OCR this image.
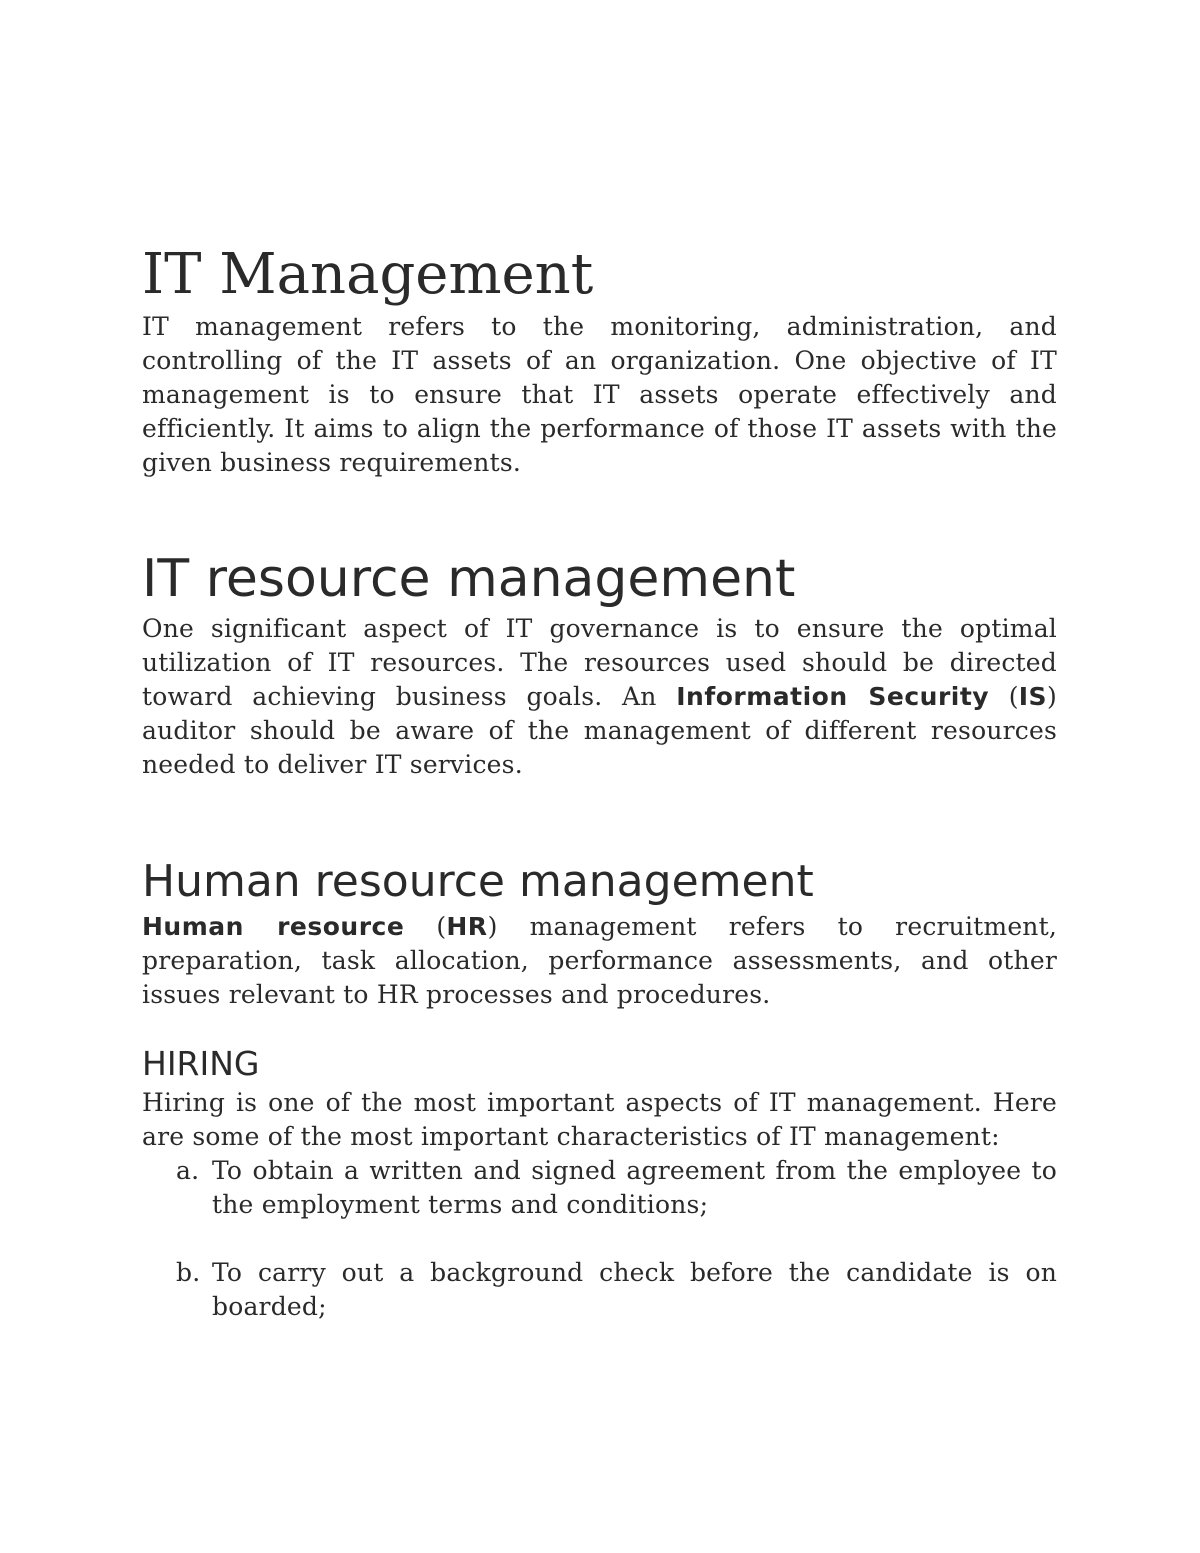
IT Management

IT management refers to the monitoring, administration, and controlling of the IT assets of an organization. One objective of IT management is to ensure that IT assets operate effectively and efficiently. It aims to align the performance of those IT assets with the given business requirements.

IT resource management

One significant aspect of IT governance is to ensure the optimal utilization of IT resources. The resources used should be directed toward achieving business goals. An Information Security (IS) auditor should be aware of the management of different resources needed to deliver IT services.

Human resource management

Human resource (HR) management refers to recruitment, preparation, task allocation, performance assessments, and other issues relevant to HR processes and procedures.

HIRING

Hiring is one of the most important aspects of IT management. Here are some of the most important characteristics of IT management:

a. To obtain a written and signed agreement from the employee to the employment terms and conditions;
b. To carry out a background check before the candidate is on boarded;
